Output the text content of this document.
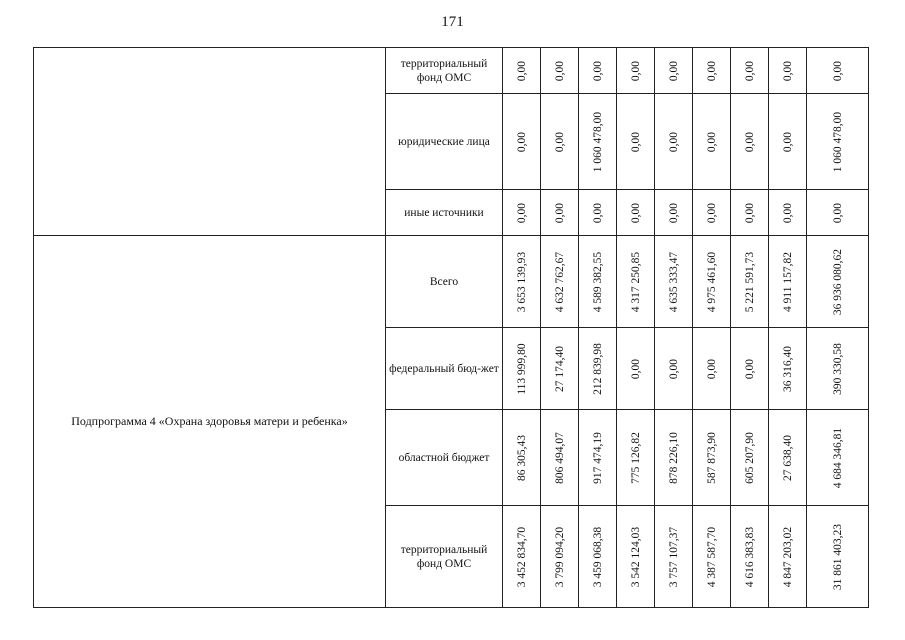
171
	территориальный фонд ОМС	0,00	0,00	0,00	0,00	0,00	0,00	0,00	0,00	0,00

	юридические лица	0,00	0,00	1 060 478,00	0,00	0,00	0,00	0,00	0,00	1 060 478,00

	иные источники	0,00	0,00	0,00	0,00	0,00	0,00	0,00	0,00	0,00

Подпрограмма 4 «Охрана здоровья матери и ребенка»	Всего	3 653 139,93	4 632 762,67	4 589 382,55	4 317 250,85	4 635 333,47	4 975 461,60	5 221 591,73	4 911 157,82	36 936 080,62

	федеральный бюд-жет	113 999,80	27 174,40	212 839,98	0,00	0,00	0,00	0,00	36 316,40	390 330,58

	областной бюджет	86 305,43	806 494,07	917 474,19	775 126,82	878 226,10	587 873,90	605 207,90	27 638,40	4 684 346,81

	территориальный фонд ОМС	3 452 834,70	3 799 094,20	3 459 068,38	3 542 124,03	3 757 107,37	4 387 587,70	4 616 383,83	4 847 203,02	31 861 403,23
